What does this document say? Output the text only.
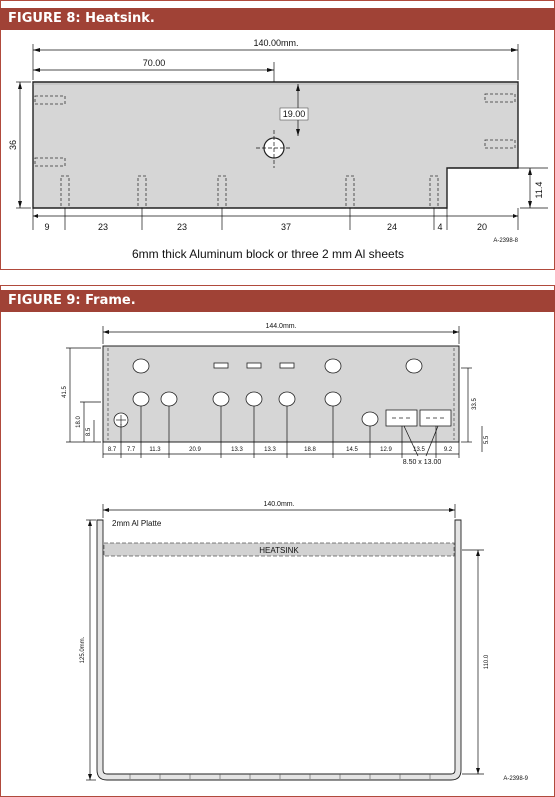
FIGURE 8: Heatsink.
140.00mm.
70.00
19.00
36
11.4
9	23	23	37	24	4	20
6mm thick Aluminum block or three 2 mm Al sheets
A-2398-8
FIGURE 9: Frame.
8.50 x 13.00
144.0mm.
41.5
18.0
8.5
33.5
5.5
8.7 7.7 11.3	20.9	13.3	13.3	18.8	14.5	12.9	13.5	9.2
140.0mm.
2mm Al Platte
HEATSINK
125.0mm.	110.0
A-2398-9
